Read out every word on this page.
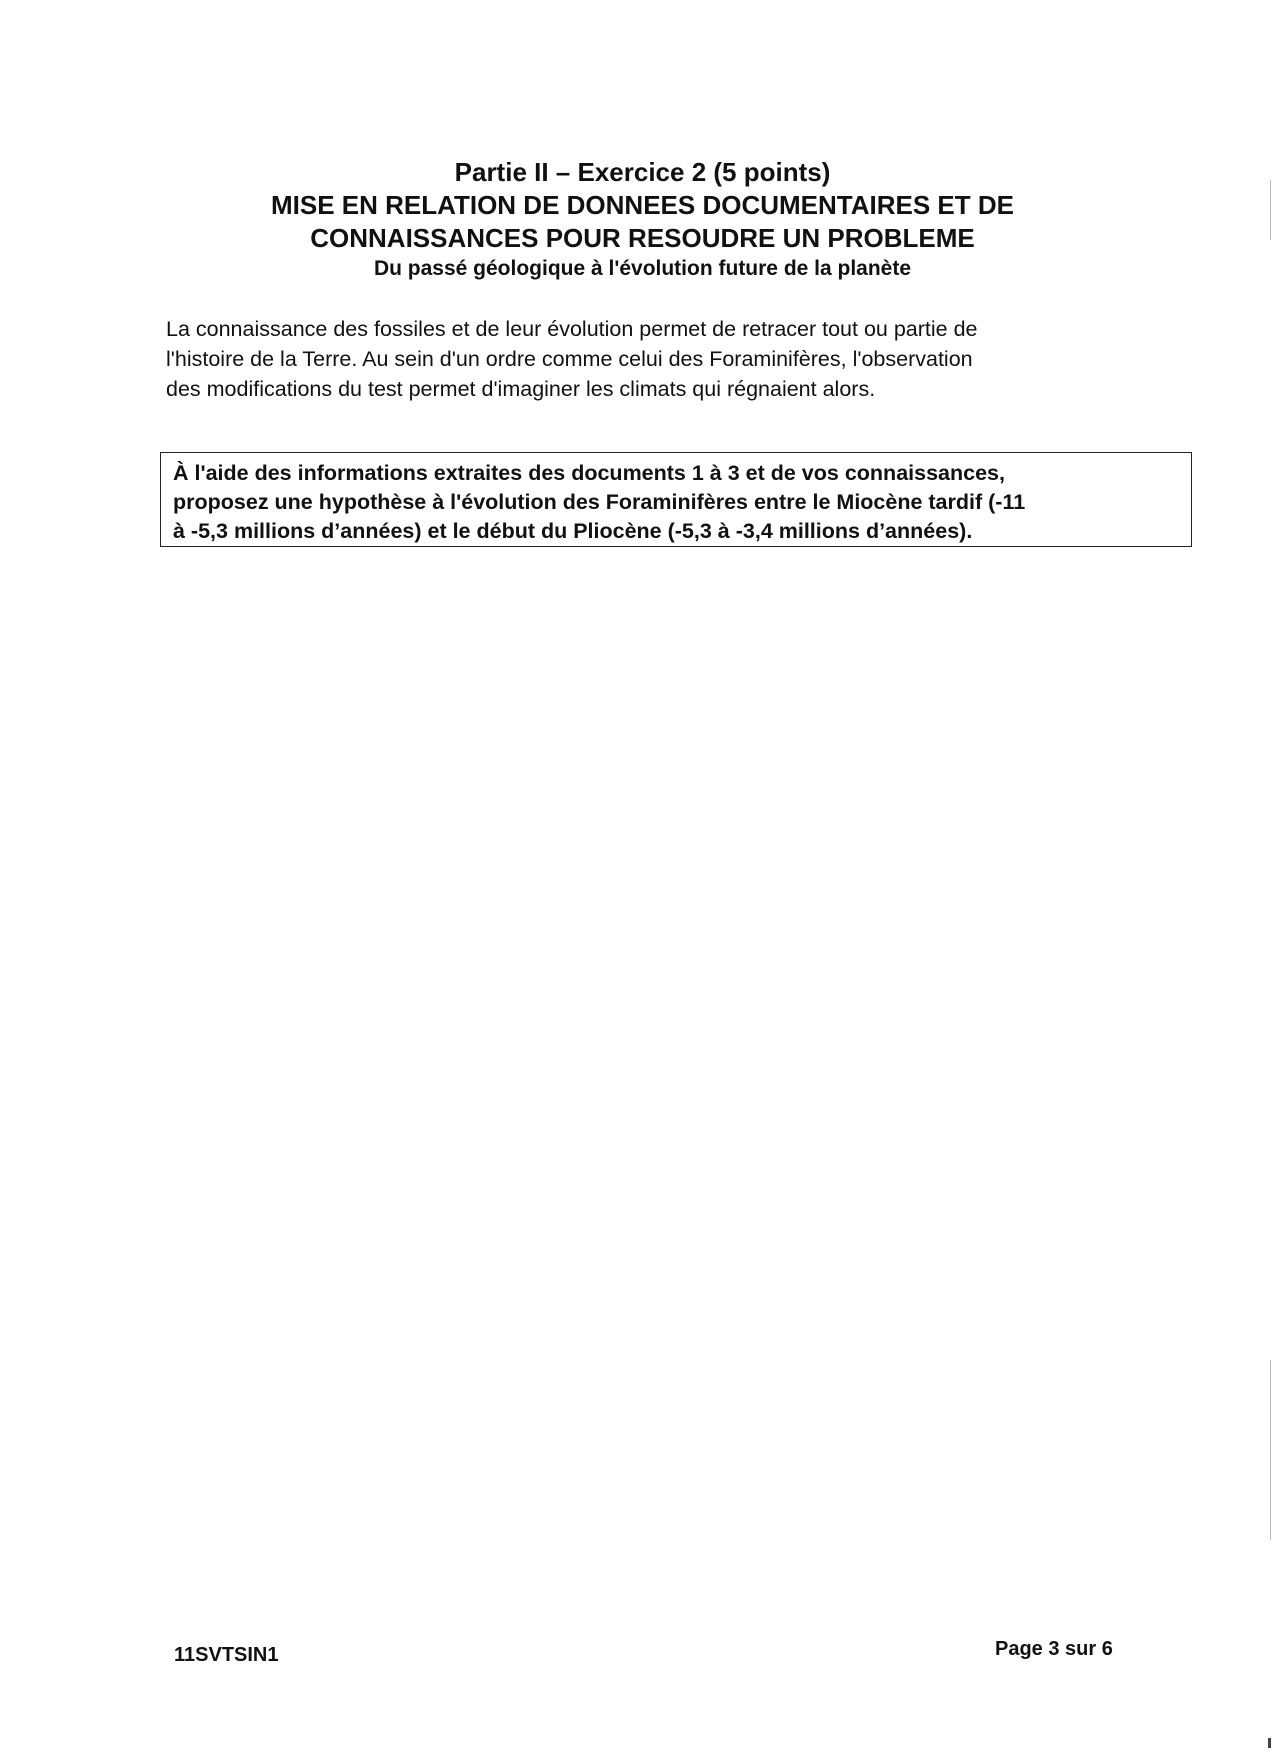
Partie II – Exercice 2 (5 points)

MISE EN RELATION DE DONNEES DOCUMENTAIRES ET DE

CONNAISSANCES POUR RESOUDRE UN PROBLEME

Du passé géologique à l'évolution future de la planète

La connaissance des fossiles et de leur évolution permet de retracer tout ou partie de
l'histoire de la Terre. Au sein d'un ordre comme celui des Foraminifères, l'observation
des modifications du test permet d'imaginer les climats qui régnaient alors.
À l'aide des informations extraites des documents 1 à 3 et de vos connaissances,
proposez une hypothèse à l'évolution des Foraminifères entre le Miocène tardif (-11
à -5,3 millions d’années) et le début du Pliocène (-5,3 à -3,4 millions d’années).
11SVTSIN1	Page 3 sur 6
